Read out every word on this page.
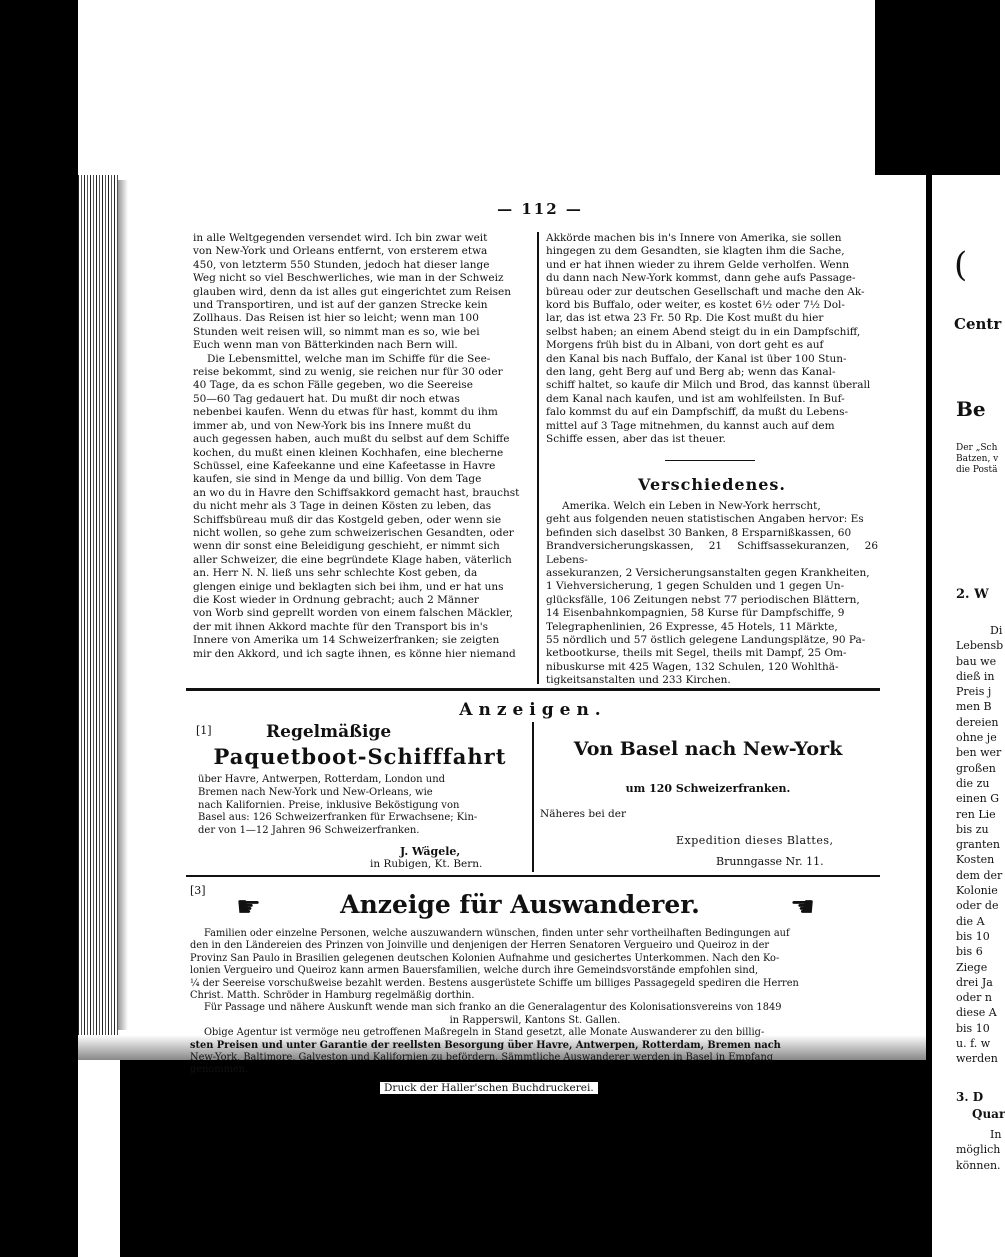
— 112 —

in alle Weltgegenden versendet wird. Ich bin zwar weit

von New-York und Orleans entfernt, von ersterem etwa

450, von letzterm 550 Stunden, jedoch hat dieser lange

Weg nicht so viel Beschwerliches, wie man in der Schweiz

glauben wird, denn da ist alles gut eingerichtet zum Reisen

und Transportiren, und ist auf der ganzen Strecke kein

Zollhaus. Das Reisen ist hier so leicht; wenn man 100

Stunden weit reisen will, so nimmt man es so, wie bei

Euch wenn man von Bätterkinden nach Bern will.

Die Lebensmittel, welche man im Schiffe für die See-

reise bekommt, sind zu wenig, sie reichen nur für 30 oder

40 Tage, da es schon Fälle gegeben, wo die Seereise

50—60 Tag gedauert hat. Du mußt dir noch etwas

nebenbei kaufen. Wenn du etwas für hast, kommt du ihm

immer ab, und von New-York bis ins Innere mußt du

auch gegessen haben, auch mußt du selbst auf dem Schiffe

kochen, du mußt einen kleinen Kochhafen, eine blecherne

Schüssel, eine Kafeekanne und eine Kafeetasse in Havre

kaufen, sie sind in Menge da und billig. Von dem Tage

an wo du in Havre den Schiffsakkord gemacht hast, brauchst

du nicht mehr als 3 Tage in deinen Kösten zu leben, das

Schiffsbüreau muß dir das Kostgeld geben, oder wenn sie

nicht wollen, so gehe zum schweizerischen Gesandten, oder

wenn dir sonst eine Beleidigung geschieht, er nimmt sich

aller Schweizer, die eine begründete Klage haben, väterlich

an. Herr N. N. ließ uns sehr schlechte Kost geben, da

glengen einige und beklagten sich bei ihm, und er hat uns

die Kost wieder in Ordnung gebracht; auch 2 Männer

von Worb sind geprellt worden von einem falschen Mäckler,

der mit ihnen Akkord machte für den Transport bis in's

Innere von Amerika um 14 Schweizerfranken; sie zeigten

mir den Akkord, und ich sagte ihnen, es könne hier niemand

Akkörde machen bis in's Innere von Amerika, sie sollen

hingegen zu dem Gesandten, sie klagten ihm die Sache,

und er hat ihnen wieder zu ihrem Gelde verholfen. Wenn

du dann nach New-York kommst, dann gehe aufs Passage-

büreau oder zur deutschen Gesellschaft und mache den Ak-

kord bis Buffalo, oder weiter, es kostet 6½ oder 7½ Dol-

lar, das ist etwa 23 Fr. 50 Rp. Die Kost mußt du hier

selbst haben; an einem Abend steigt du in ein Dampfschiff,

Morgens früh bist du in Albani, von dort geht es auf

den Kanal bis nach Buffalo, der Kanal ist über 100 Stun-

den lang, geht Berg auf und Berg ab; wenn das Kanal-

schiff haltet, so kaufe dir Milch und Brod, das kannst überall

dem Kanal nach kaufen, und ist am wohlfeilsten. In Buf-

falo kommst du auf ein Dampfschiff, da mußt du Lebens-

mittel auf 3 Tage mitnehmen, du kannst auch auf dem

Schiffe essen, aber das ist theuer.

Verschiedenes.

Amerika. Welch ein Leben in New-York herrscht,

geht aus folgenden neuen statistischen Angaben hervor: Es

befinden sich daselbst 30 Banken, 8 Ersparnißkassen, 60

Brandversicherungskassen, 21 Schiffsassekuranzen, 26 Lebens-

assekuranzen, 2 Versicherungsanstalten gegen Krankheiten,

1 Viehversicherung, 1 gegen Schulden und 1 gegen Un-

glücksfälle, 106 Zeitungen nebst 77 periodischen Blättern,

14 Eisenbahnkompagnien, 58 Kurse für Dampfschiffe, 9

Telegraphenlinien, 26 Expresse, 45 Hotels, 11 Märkte,

55 nördlich und 57 östlich gelegene Landungsplätze, 90 Pa-

ketbootkurse, theils mit Segel, theils mit Dampf, 25 Om-

nibuskurse mit 425 Wagen, 132 Schulen, 120 Wohlthä-

tigkeitsanstalten und 233 Kirchen.

Anzeigen.
[1]	Regelmäßige
Paquetboot-Schifffahrt
über Havre, Antwerpen, Rotterdam, London und
Bremen nach New-York und New-Orleans, wie
nach Kalifornien. Preise, inklusive Beköstigung von
Basel aus: 126 Schweizerfranken für Erwachsene; Kin-
der von 1—12 Jahren 96 Schweizerfranken.
J. Wägele,
in Rubigen, Kt. Bern.
Von Basel nach New-York
um 120 Schweizerfranken.
Näheres bei der
Expedition dieses Blattes,
Brunngasse Nr. 11.
[3] ☛	Anzeige für Auswanderer.	☚
Familien oder einzelne Personen, welche auszuwandern wünschen, finden unter sehr vortheilhaften Bedingungen auf
den in den Ländereien des Prinzen von Joinville und denjenigen der Herren Senatoren Vergueiro und Queiroz in der
Provinz San Paulo in Brasilien gelegenen deutschen Kolonien Aufnahme und gesichertes Unterkommen. Nach den Ko-
lonien Vergueiro und Queiroz kann armen Bauersfamilien, welche durch ihre Gemeindsvorstände empfohlen sind,
¼ der Seereise vorschußweise bezahlt werden. Bestens ausgerüstete Schiffe um billiges Passagegeld spediren die Herren
Christ. Matth. Schröder in Hamburg regelmäßig dorthin.
Für Passage und nähere Auskunft wende man sich franko an die Generalagentur des Kolonisationsvereins von 1849
in Rapperswil, Kantons St. Gallen.
Obige Agentur ist vermöge neu getroffenen Maßregeln in Stand gesetzt, alle Monate Auswanderer zu den billig-
sten Preisen und unter Garantie der reellsten Besorgung über Havre, Antwerpen, Rotterdam, Bremen nach
New-York, Baltimore, Galveston und Kalifornien zu befördern. Sämmtliche Auswanderer werden in Basel in Empfang
genommen.
Druck der Haller'schen Buchdruckerei.
(
Centr
Be
Der „Sch
Batzen, v
die Postä
2. W
Di
Lebensb
bau we
dieß in
Preis j
men B
dereien
ohne je
ben wer
großen
die zu
einen G
ren Lie
bis zu
granten
Kosten
dem der
Kolonie
oder de
die A
bis 10
bis 6
Ziege
drei Ja
oder n
diese A
bis 10
u. f. w
werden
3. D
Quar
In
möglich
können.
